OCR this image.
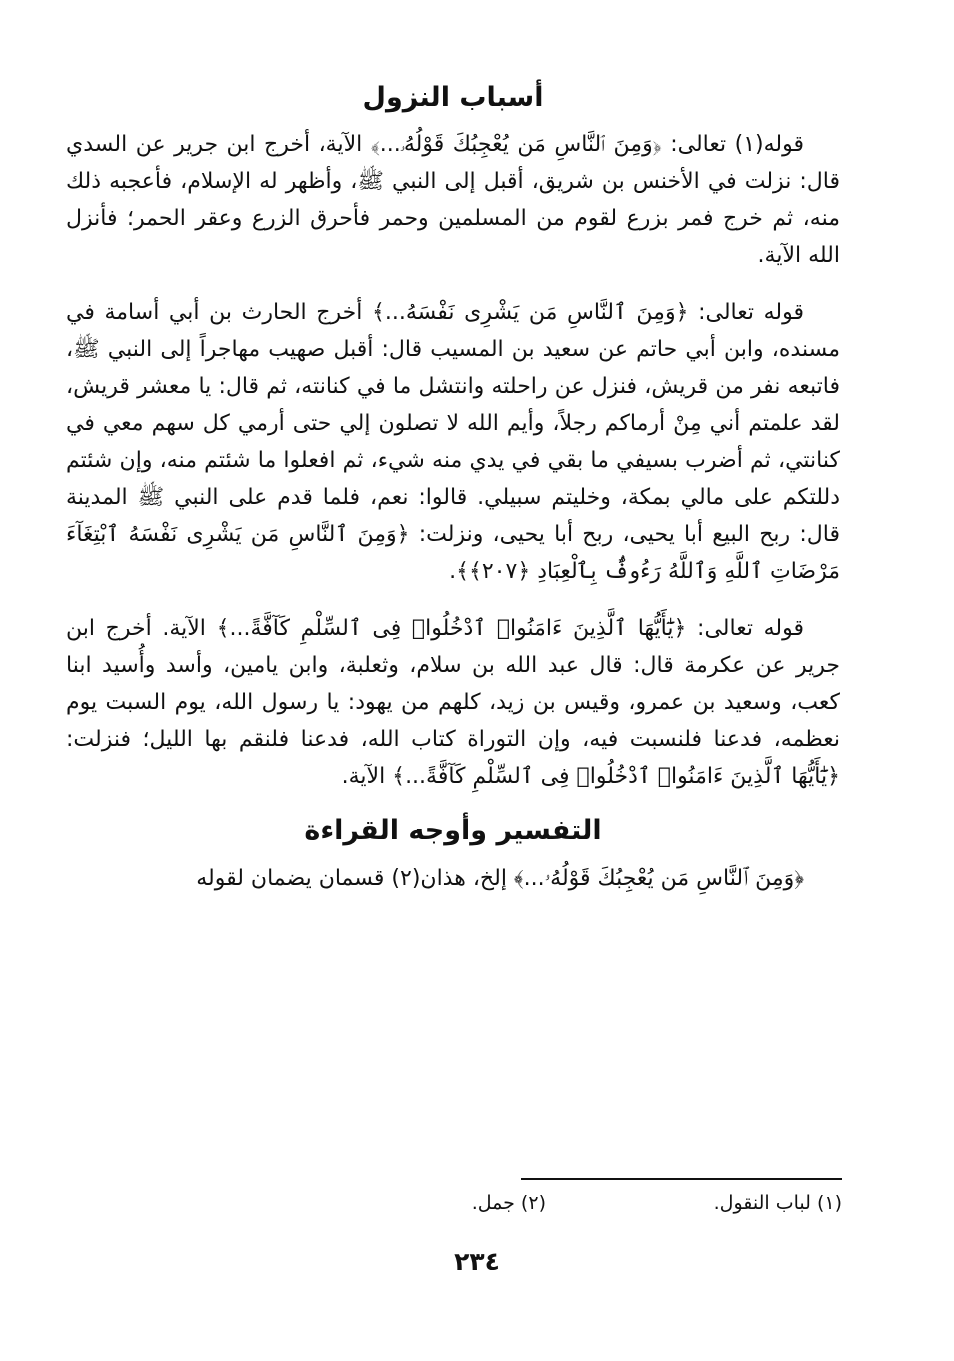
أسباب النزول

قوله(١) تعالى: ﴿وَمِنَ ٱلنَّاسِ مَن يُعْجِبُكَ قَوْلُهُۥ...﴾ الآية، أخرج ابن جرير عن السدي قال: نزلت في الأخنس بن شريق، أقبل إلى النبي ﷺ، وأظهر له الإسلام، فأعجبه ذلك منه، ثم خرج فمر بزرع لقوم من المسلمين وحمر فأحرق الزرع وعقر الحمر؛ فأنزل الله الآية.

قوله تعالى: ﴿وَمِنَ ٱلنَّاسِ مَن يَشْرِى نَفْسَهُ...﴾ أخرج الحارث بن أبي أسامة في مسنده، وابن أبي حاتم عن سعيد بن المسيب قال: أقبل صهيب مهاجراً إلى النبي ﷺ، فاتبعه نفر من قريش، فنزل عن راحلته وانتشل ما في كنانته، ثم قال: يا معشر قريش، لقد علمتم أني مِنْ أرماكم رجلاً، وأيم الله لا تصلون إلي حتى أرمي كل سهم معي في كنانتي، ثم أضرب بسيفي ما بقي في يدي منه شيء، ثم افعلوا ما شئتم منه، وإن شئتم دللتكم على مالي بمكة، وخليتم سبيلي. قالوا: نعم، فلما قدم على النبي ﷺ المدينة قال: ربح البيع أبا يحيى، ربح أبا يحيى، ونزلت: ﴿وَمِنَ ٱلنَّاسِ مَن يَشْرِى نَفْسَهُ ٱبْتِغَآءَ مَرْضَاتِ ٱللَّهِ وَٱللَّهُ رَءُوفٌۢ بِٱلْعِبَادِ ﴿٢٠٧﴾﴾.

قوله تعالى: ﴿يَٰٓأَيُّهَا ٱلَّذِينَ ءَامَنُوا۟ ٱدْخُلُوا۟ فِى ٱلسِّلْمِ كَآفَّةً...﴾ الآية. أخرج ابن جرير عن عكرمة قال: قال عبد الله بن سلام، وثعلبة، وابن يامين، وأسد وأُسيد ابنا كعب، وسعيد بن عمرو، وقيس بن زيد، كلهم من يهود: يا رسول الله، يوم السبت يوم نعظمه، فدعنا فلنسبت فيه، وإن التوراة كتاب الله، فدعنا فلنقم بها الليل؛ فنزلت: ﴿يَٰٓأَيُّهَا ٱلَّذِينَ ءَامَنُوا۟ ٱدْخُلُوا۟ فِى ٱلسِّلْمِ كَآفَّةً...﴾ الآية.

التفسير وأوجه القراءة

﴿وَمِنَ ٱلنَّاسِ مَن يُعْجِبُكَ قَوْلُهُۥ...﴾ إلخ، هذان(٢) قسمان يضمان لقوله

(١) لباب النقول.
(٢) جمل.
٢٣٤
